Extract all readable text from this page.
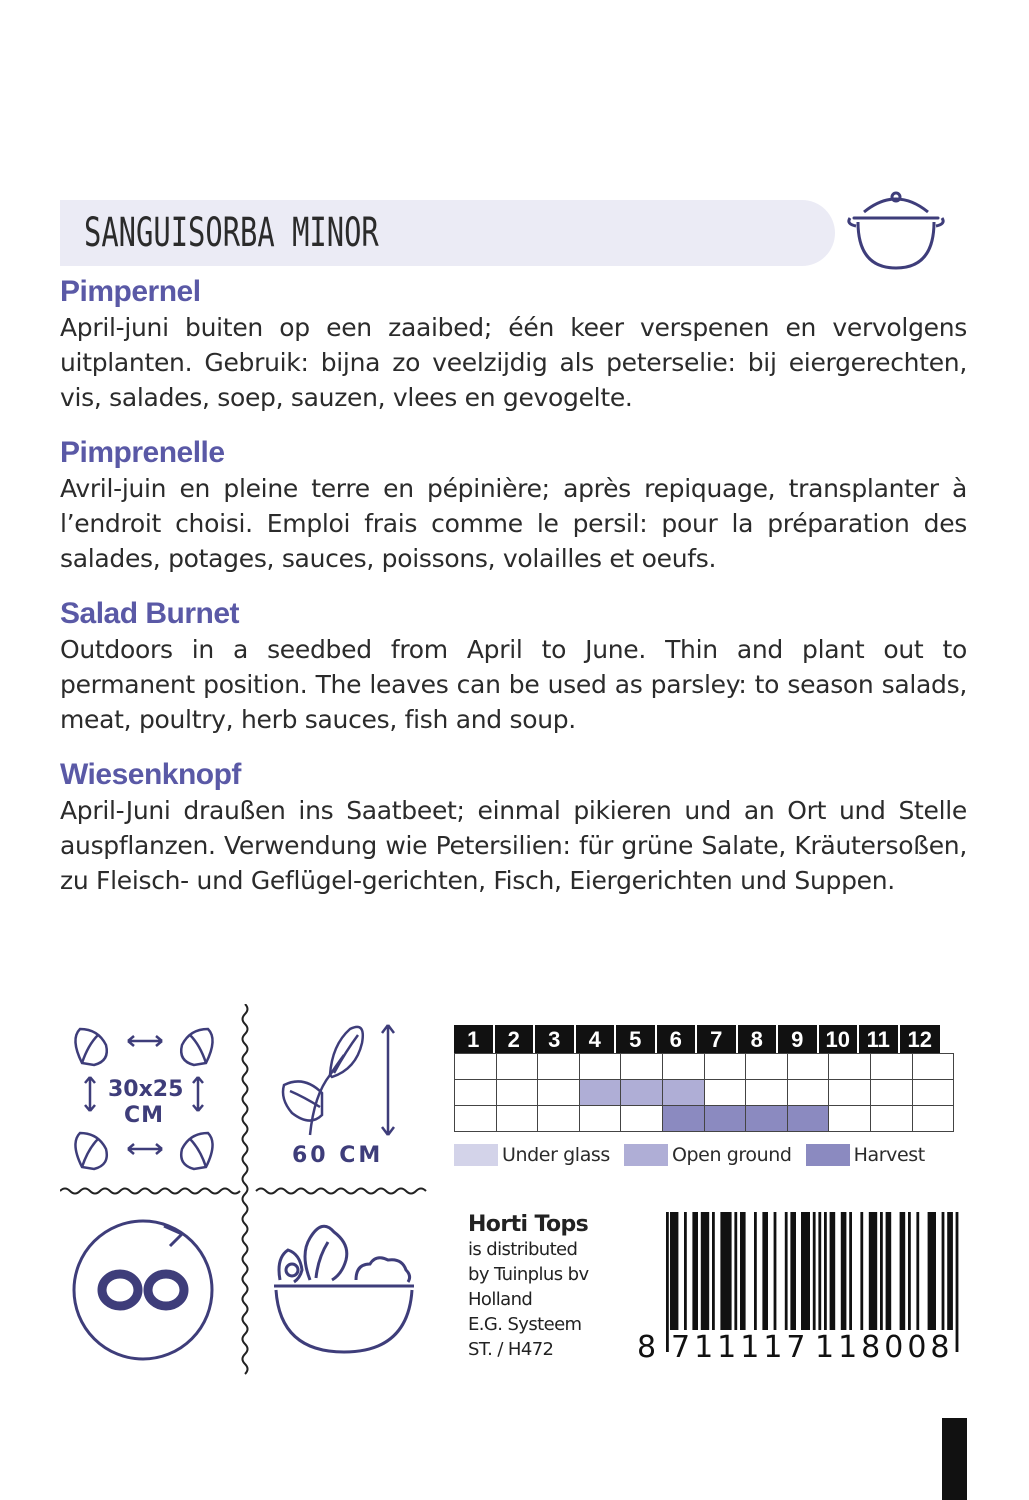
SANGUISORBA MINOR
Pimpernel

April-juni buiten op een zaaibed; één keer verspenen en vervolgens uitplanten. Gebruik: bijna zo veelzijdig als peterselie: bij eiergerechten, vis, salades, soep, sauzen, vlees en gevogelte.

Pimprenelle

Avril-juin en pleine terre en pépinière; après repiquage, transplanter à l’endroit choisi. Emploi frais comme le persil: pour la préparation des salades, potages, sauces, poissons, volailles et oeufs.

Salad Burnet

Outdoors in a seedbed from April to June. Thin and plant out to permanent position. The leaves can be used as parsley: to season salads, meat, poultry, herb sauces, fish and soup.

Wiesenknopf

April-Juni draußen ins Saatbeet; einmal pikieren und an Ort und Stelle auspflanzen. Verwendung wie Petersilien: für grüne Salate, Kräutersoßen, zu Fleisch- und Geflügel-gerichten, Fisch, Eiergerichten und Suppen.

30x25
CM
60 CM
1	2	3	4	5	6	7	8	9	10 11 12
Under glass	Open ground	Harvest
Horti Tops
is distributed
by Tuinplus bv
Holland
E.G. Systeem
ST. / H472	8 711117 118008
